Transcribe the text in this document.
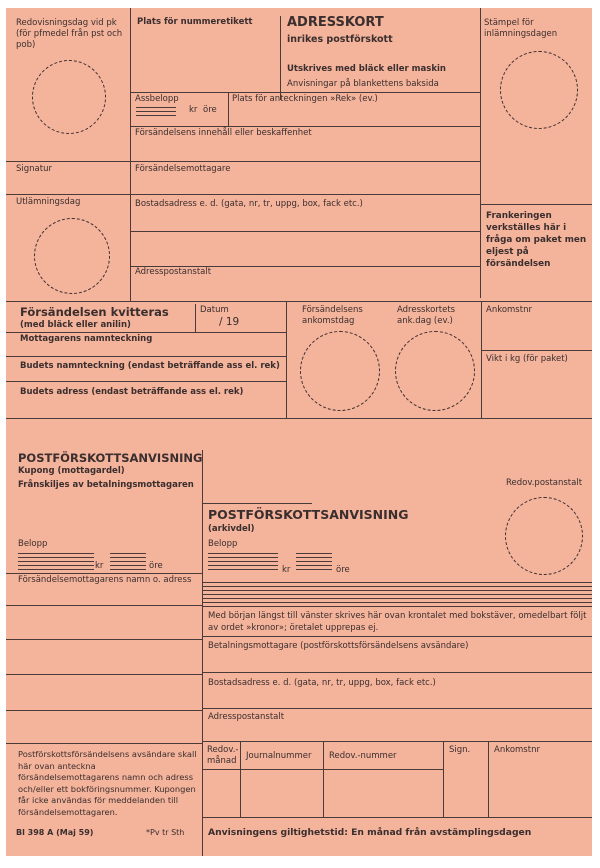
Redovisningsdag vid pk (för pfmedel från pst och pob)
Plats för nummeretikett	ADRESSKORT
inrikes postförskott
Utskrives med bläck eller maskin
Anvisningar på blankettens baksida
Stämpel för inlämningsdagen
Assbelopp
kr öre
Plats för anteckningen »Rek» (ev.)
Försändelsens innehåll eller beskaffenhet
Signatur	Försändelsemottagare
Utlämningsdag	Bostadsadress e. d. (gata, nr, tr, uppg, box, fack etc.)
Adresspostanstalt
Frankeringen verkställes här i fråga om paket men eljest på försändelsen
Försändelsen kvitteras
(med bläck eller anilin)
Datum
/ 19
Mottagarens namnteckning
Budets namnteckning (endast beträffande ass el. rek)
Budets adress (endast beträffande ass el. rek)
Försändelsens ankomstdag
Adresskortets ank.dag (ev.)
Ankomstnr
Vikt i kg (för paket)
POSTFÖRSKOTTSANVISNING
Kupong (mottagardel)
Frånskiljes av betalningsmottagaren
Belopp
kr	öre
Försändelsemottagarens namn o. adress
Postförskottsförsändelsens avsändare skall här ovan anteckna försändelsemottagarens namn och adress och/eller ett bokföringsnummer. Kupongen får icke användas för meddelanden till försändelsemottagaren.
Bl 398 A (Maj 59)	*Pv tr Sth
Redov.postanstalt
POSTFÖRSKOTTSANVISNING
(arkivdel)
Belopp
kr	öre
Med början längst till vänster skrives här ovan krontalet med bokstäver, omedelbart följt av ordet »kronor»; öretalet upprepas ej.
Betalningsmottagare (postförskottsförsändelsens avsändare)
Bostadsadress e. d. (gata, nr, tr, uppg, box, fack etc.)
Adresspostanstalt
Redov.-månad	Journalnummer Redov.-nummer
Sign.	Ankomstnr
Anvisningens giltighetstid: En månad från avstämplingsdagen
